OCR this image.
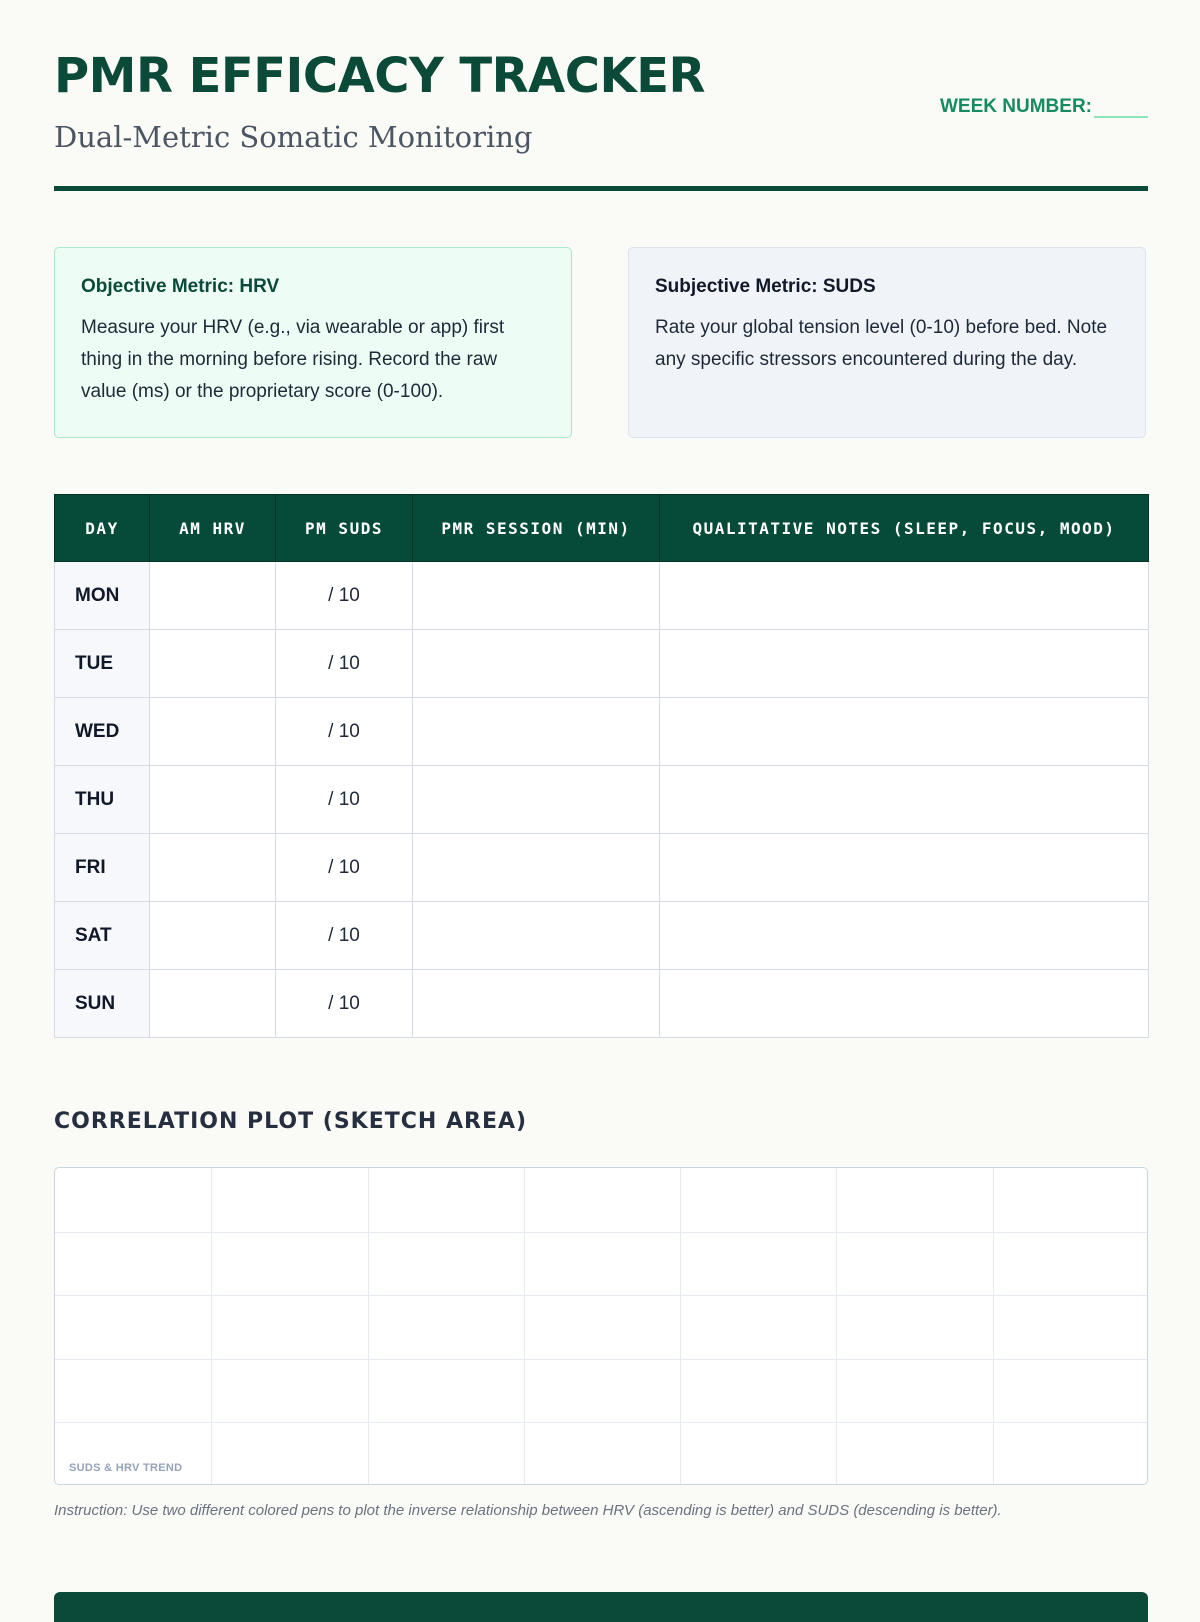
PMR EFFICACY TRACKER
Dual-Metric Somatic Monitoring
WEEK NUMBER:
Objective Metric: HRV
Measure your HRV (e.g., via wearable or app) first thing in the morning before rising. Record the raw value (ms) or the proprietary score (0-100).
Subjective Metric: SUDS
Rate your global tension level (0-10) before bed. Note any specific stressors encountered during the day.
DAY	AM HRV	PM SUDS	PMR SESSION (MIN)	QUALITATIVE NOTES (SLEEP, FOCUS, MOOD)
MON		/ 10		
TUE		/ 10		
WED		/ 10		
THU		/ 10		
FRI		/ 10		
SAT		/ 10		
SUN		/ 10		
CORRELATION PLOT (SKETCH AREA)
SUDS & HRV TREND
Instruction: Use two different colored pens to plot the inverse relationship between HRV (ascending is better) and SUDS (descending is better).
